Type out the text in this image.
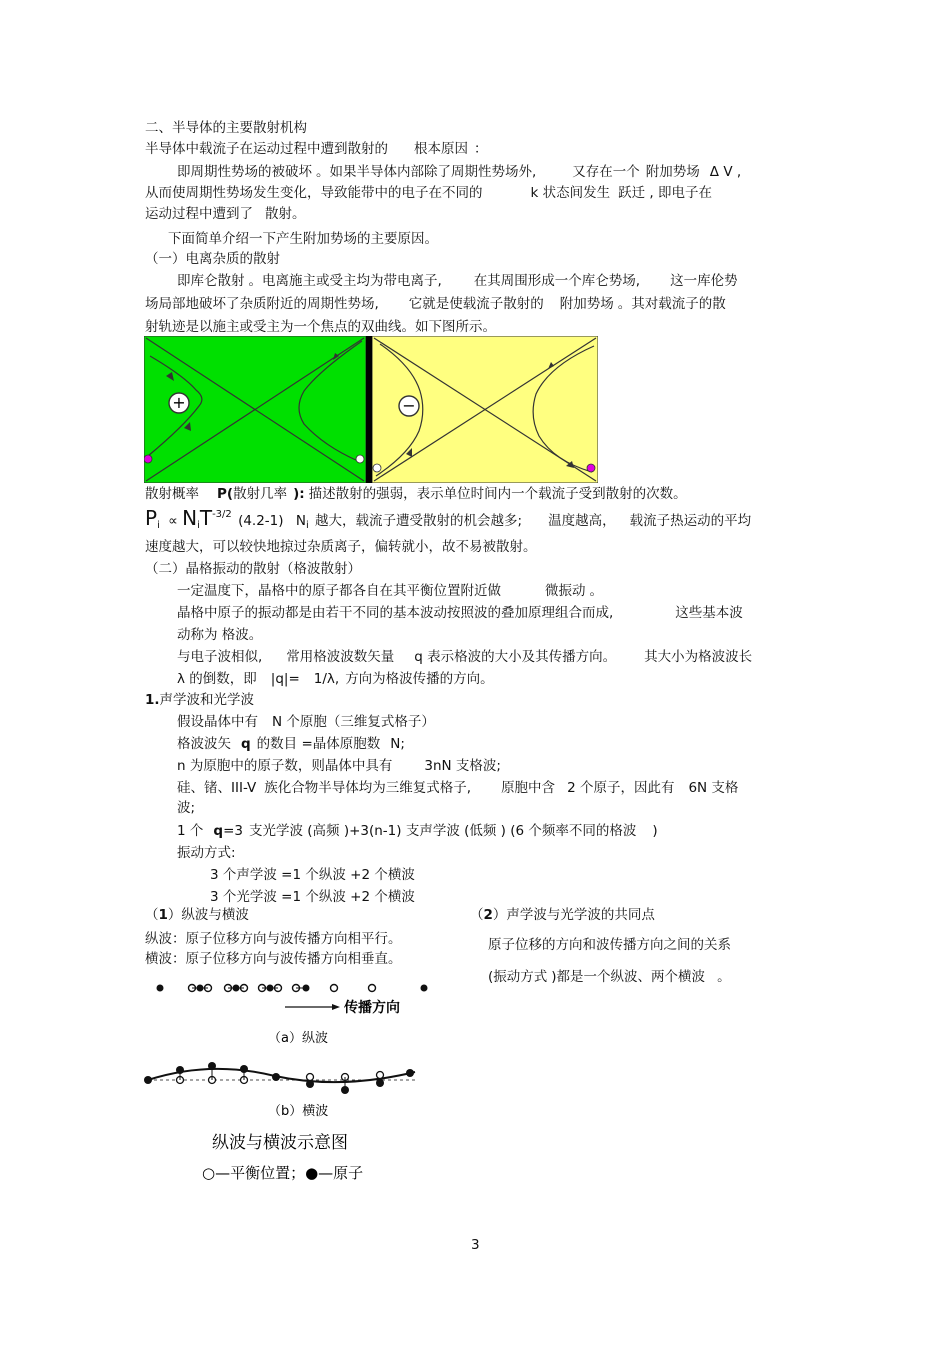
二、半导体的主要散射机构
半导体中载流子在运动过程中遭到散射的 根本原因 ：
即周期性势场的被破坏 。如果半导体内部除了周期性势场外,	又存在一个 附加势场 Δ V ,
从而使周期性势场发生变化，导致能带中的电子在不同的	k 状态间发生 跃迁 , 即电子在
运动过程中遭到了 散射。
下面简单介绍一下产生附加势场的主要原因。
（一）电离杂质的散射
即库仑散射 。电离施主或受主均为带电离子, 在其周围形成一个库仑势场, 这一库伦势
场局部地破坏了杂质附近的周期性势场, 它就是使载流子散射的 附加势场 。其对载流子的散
射轨迹是以施主或受主为一个焦点的双曲线。如下图所示。
+	−
散射概率 P(散射几率 ): 描述散射的强弱，表示单位时间内一个载流子受到散射的次数。
$P_i \propto N_iT^{-3/2}$ (4.2-1) $N_i$ 越大，载流子遭受散射的机会越多; 温度越高， 载流子热运动的平均
速度越大，可以较快地掠过杂质离子，偏转就小，故不易被散射。
（二）晶格振动的散射（格波散射）
一定温度下，晶格中的原子都各自在其平衡位置附近做	微振动 。
晶格中原子的振动都是由若干不同的基本波动按照波的叠加原理组合而成,	这些基本波
动称为 格波。
与电子波相似, 常用格波波数矢量 q 表示格波的大小及其传播方向。 其大小为格波波长
λ 的倒数，即 |q|= 1/λ, 方向为格波传播的方向。
1.声学波和光学波
假设晶体中有 N 个原胞（三维复式格子）
格波波矢 q 的数目 =晶体原胞数 N;
n 为原胞中的原子数，则晶体中具有 3nN 支格波;
硅、锗、III-V 族化合物半导体均为三维复式格子, 原胞中含 2 个原子，因此有 6N 支格
波;
1 个 q=3 支光学波 (高频 )+3(n-1) 支声学波 (低频 ) (6 个频率不同的格波 )
振动方式:
3 个声学波 =1 个纵波 +2 个横波
3 个光学波 =1 个纵波 +2 个横波
（1）纵波与横波
纵波：原子位移方向与波传播方向相平行。
横波：原子位移方向与波传播方向相垂直。
（2）声学波与光学波的共同点
原子位移的方向和波传播方向之间的关系
(振动方式 )都是一个纵波、两个横波 。
传播方向
（a）纵波
（b）横波
纵波与横波示意图
○—平衡位置；●—原子
3
